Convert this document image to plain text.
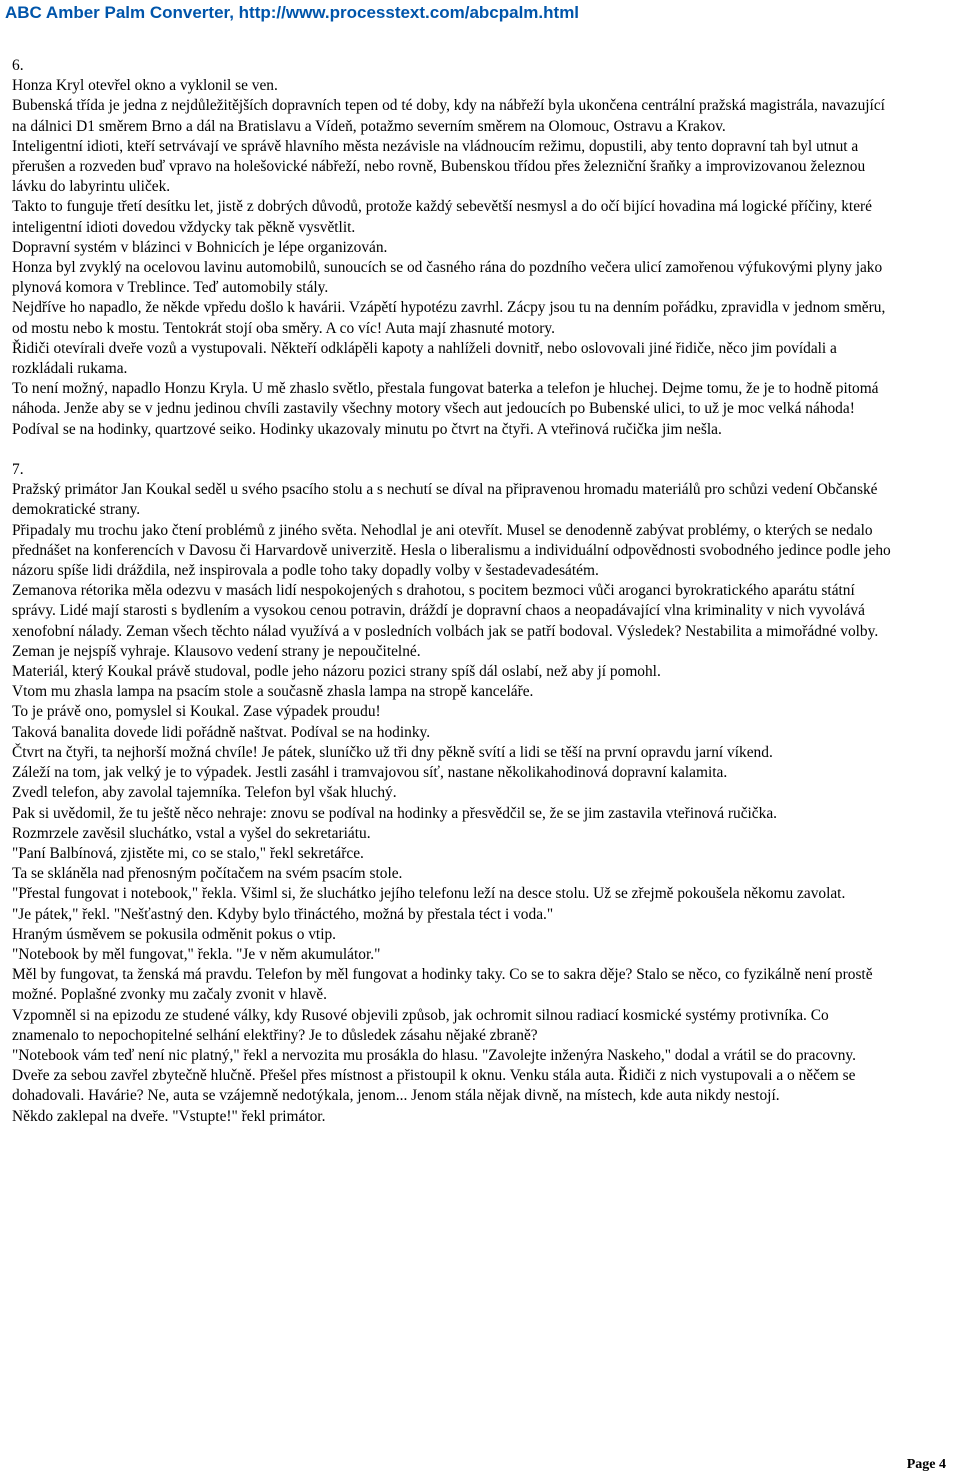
ABC Amber Palm Converter, http://www.processtext.com/abcpalm.html

6.

Honza Kryl otevřel okno a vyklonil se ven.

Bubenská třída je jedna z nejdůležitějších dopravních tepen od té doby, kdy na nábřeží byla ukončena centrální pražská magistrála, navazující na dálnici D1 směrem Brno a dál na Bratislavu a Vídeň, potažmo severním směrem na Olomouc, Ostravu a Krakov.

Inteligentní idioti, kteří setrvávají ve správě hlavního města nezávisle na vládnoucím režimu, dopustili, aby tento dopravní tah byl utnut a přerušen a rozveden buď vpravo na holešovické nábřeží, nebo rovně, Bubenskou třídou přes železniční šraňky a improvizovanou železnou lávku do labyrintu uliček.

Takto to funguje třetí desítku let, jistě z dobrých důvodů, protože každý sebevětší nesmysl a do očí bijící hovadina má logické příčiny, které inteligentní idioti dovedou vždycky tak pěkně vysvětlit.

Dopravní systém v blázinci v Bohnicích je lépe organizován.

Honza byl zvyklý na ocelovou lavinu automobilů, sunoucích se od časného rána do pozdního večera ulicí zamořenou výfukovými plyny jako plynová komora v Treblince. Teď automobily stály.

Nejdříve ho napadlo, že někde vpředu došlo k havárii. Vzápětí hypotézu zavrhl. Zácpy jsou tu na denním pořádku, zpravidla v jednom směru, od mostu nebo k mostu. Tentokrát stojí oba směry. A co víc! Auta mají zhasnuté motory.

Řidiči otevírali dveře vozů a vystupovali. Někteří odklápěli kapoty a nahlíželi dovnitř, nebo oslovovali jiné řidiče, něco jim povídali a rozkládali rukama.

To není možný, napadlo Honzu Kryla. U mě zhaslo světlo, přestala fungovat baterka a telefon je hluchej. Dejme tomu, že je to hodně pitomá náhoda. Jenže aby se v jednu jedinou chvíli zastavily všechny motory všech aut jedoucích po Bubenské ulici, to už je moc velká náhoda!

Podíval se na hodinky, quartzové seiko. Hodinky ukazovaly minutu po čtvrt na čtyři. A vteřinová ručička jim nešla.

7.

Pražský primátor Jan Koukal seděl u svého psacího stolu a s nechutí se díval na připravenou hromadu materiálů pro schůzi vedení Občanské demokratické strany.

Připadaly mu trochu jako čtení problémů z jiného světa. Nehodlal je ani otevřít. Musel se denodenně zabývat problémy, o kterých se nedalo přednášet na konferencích v Davosu či Harvardově univerzitě. Hesla o liberalismu a individuální odpovědnosti svobodného jedince podle jeho názoru spíše lidi dráždila, než inspirovala a podle toho taky dopadly volby v šestadevadesátém.

Zemanova rétorika měla odezvu v masách lidí nespokojených s drahotou, s pocitem bezmoci vůči aroganci byrokratického aparátu státní správy. Lidé mají starosti s bydlením a vysokou cenou potravin, dráždí je dopravní chaos a neopadávající vlna kriminality v nich vyvolává xenofobní nálady. Zeman všech těchto nálad využívá a v posledních volbách jak se patří bodoval. Výsledek? Nestabilita a mimořádné volby. Zeman je nejspíš vyhraje. Klausovo vedení strany je nepoučitelné.

Materiál, který Koukal právě studoval, podle jeho názoru pozici strany spíš dál oslabí, než aby jí pomohl.

Vtom mu zhasla lampa na psacím stole a současně zhasla lampa na stropě kanceláře.

To je právě ono, pomyslel si Koukal. Zase výpadek proudu!

Taková banalita dovede lidi pořádně naštvat. Podíval se na hodinky.

Čtvrt na čtyři, ta nejhorší možná chvíle! Je pátek, sluníčko už tři dny pěkně svítí a lidi se těší na první opravdu jarní víkend.

Záleží na tom, jak velký je to výpadek. Jestli zasáhl i tramvajovou síť, nastane několikahodinová dopravní kalamita.

Zvedl telefon, aby zavolal tajemníka. Telefon byl však hluchý.

Pak si uvědomil, že tu ještě něco nehraje: znovu se podíval na hodinky a přesvědčil se, že se jim zastavila vteřinová ručička.

Rozmrzele zavěsil sluchátko, vstal a vyšel do sekretariátu.

"Paní Balbínová, zjistěte mi, co se stalo," řekl sekretářce.

Ta se skláněla nad přenosným počítačem na svém psacím stole.

"Přestal fungovat i notebook," řekla. Všiml si, že sluchátko jejího telefonu leží na desce stolu. Už se zřejmě pokoušela někomu zavolat.

"Je pátek," řekl. "Nešťastný den. Kdyby bylo třináctého, možná by přestala téct i voda."

Hraným úsměvem se pokusila odměnit pokus o vtip.

"Notebook by měl fungovat," řekla. "Je v něm akumulátor."

Měl by fungovat, ta ženská má pravdu. Telefon by měl fungovat a hodinky taky. Co se to sakra děje? Stalo se něco, co fyzikálně není prostě možné. Poplašné zvonky mu začaly zvonit v hlavě.

Vzpomněl si na epizodu ze studené války, kdy Rusové objevili způsob, jak ochromit silnou radiací kosmické systémy protivníka. Co znamenalo to nepochopitelné selhání elektřiny? Je to důsledek zásahu nějaké zbraně?

"Notebook vám teď není nic platný," řekl a nervozita mu prosákla do hlasu. "Zavolejte inženýra Naskeho," dodal a vrátil se do pracovny.

Dveře za sebou zavřel zbytečně hlučně. Přešel přes místnost a přistoupil k oknu. Venku stála auta. Řidiči z nich vystupovali a o něčem se dohadovali. Havárie? Ne, auta se vzájemně nedotýkala, jenom... Jenom stála nějak divně, na místech, kde auta nikdy nestojí.

Někdo zaklepal na dveře. "Vstupte!" řekl primátor.

Page 4
